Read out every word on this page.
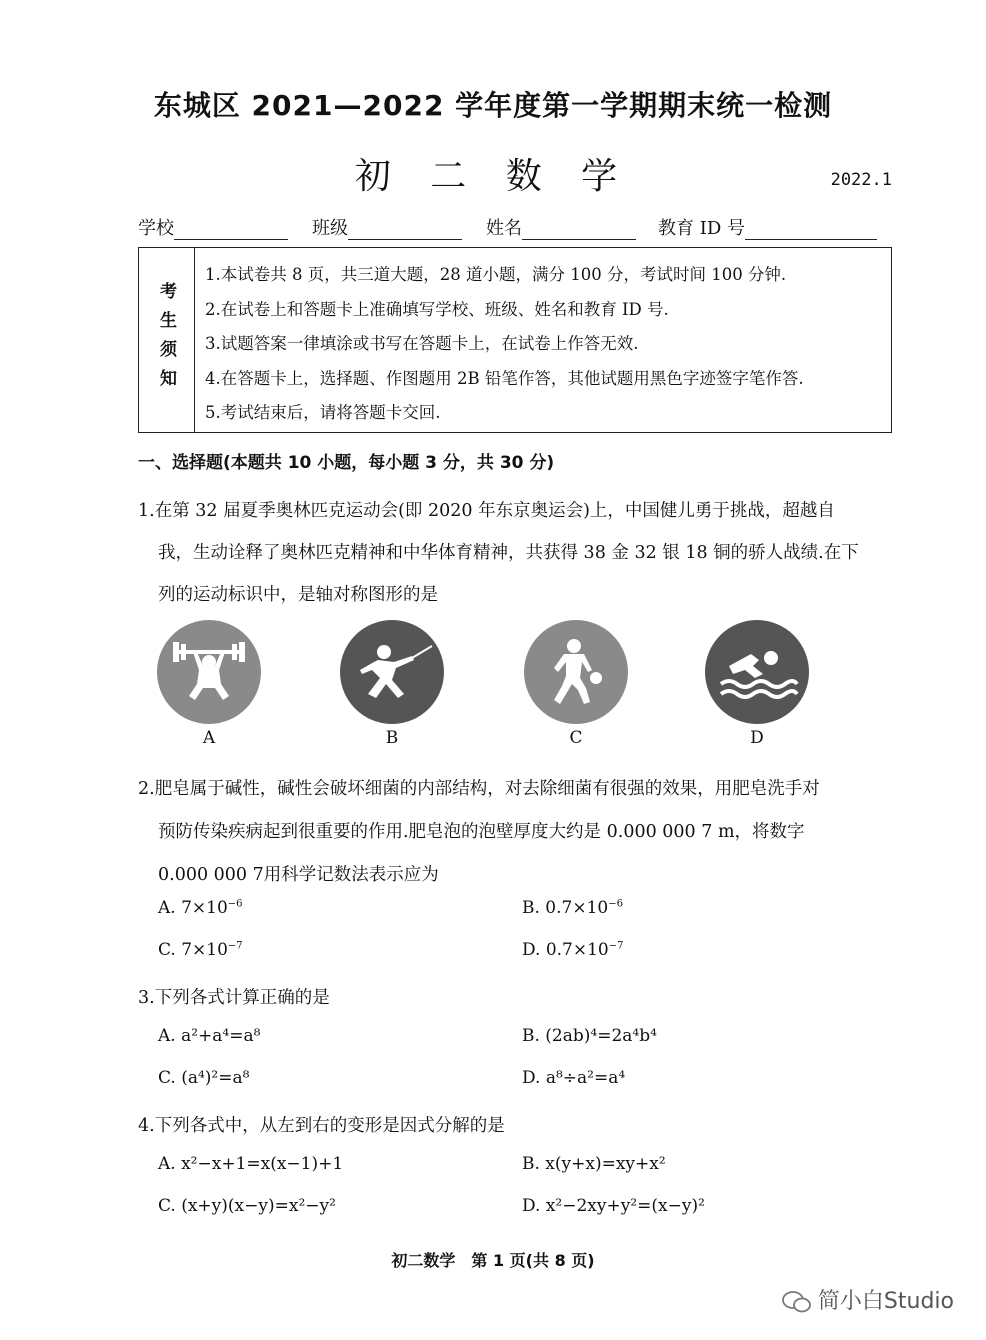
东城区 2021—2022 学年度第一学期期末统一检测
初 二 数 学	2022.1
学校	班级	姓名	教育 ID 号
考生须知
1.本试卷共 8 页，共三道大题，28 道小题，满分 100 分，考试时间 100 分钟.
2.在试卷上和答题卡上准确填写学校、班级、姓名和教育 ID 号.
3.试题答案一律填涂或书写在答题卡上，在试卷上作答无效.
4.在答题卡上，选择题、作图题用 2B 铅笔作答，其他试题用黑色字迹签字笔作答.
5.考试结束后，请将答题卡交回.
一、选择题(本题共 10 小题，每小题 3 分，共 30 分)
1.在第 32 届夏季奥林匹克运动会(即 2020 年东京奥运会)上，中国健儿勇于挑战，超越自
我，生动诠释了奥林匹克精神和中华体育精神，共获得 38 金 32 银 18 铜的骄人战绩.在下
列的运动标识中，是轴对称图形的是
A	B	C	D
2.肥皂属于碱性，碱性会破坏细菌的内部结构，对去除细菌有很强的效果，用肥皂洗手对
预防传染疾病起到很重要的作用.肥皂泡的泡壁厚度大约是 0.000 000 7 m，将数字
0.000 000 7用科学记数法表示应为
A. $7\times 10^{-6}$	B. $0.7\times 10^{-6}$
C. $7\times 10^{-7}$	D. $0.7\times 10^{-7}$
3.下列各式计算正确的是
A. a²+a⁴=a⁸	B. (2ab)⁴=2a⁴b⁴
C. (a⁴)²=a⁸	D. a⁸÷a²=a⁴
4.下列各式中，从左到右的变形是因式分解的是
A. x²−x+1=x(x−1)+1	B. x(y+x)=xy+x²
C. (x+y)(x−y)=x²−y²	D. x²−2xy+y²=(x−y)²
初二数学　第 1 页(共 8 页)
简小白Studio
